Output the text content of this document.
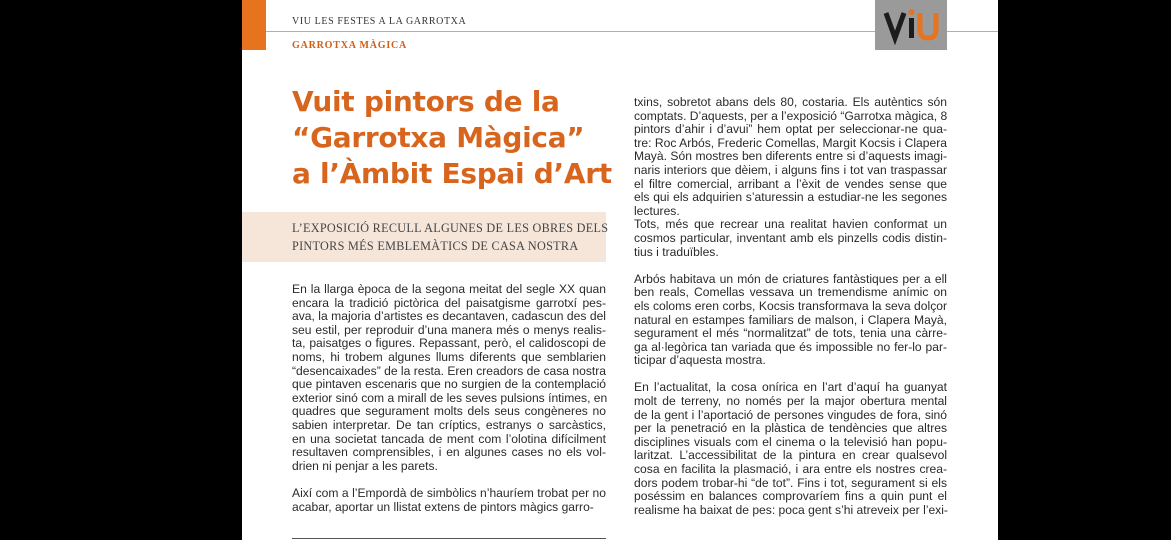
VIU LES FESTES A LA GARROTXA
GARROTXA MÀGICA
Vuit pintors de la
“Garrotxa Màgica”
a l’Àmbit Espai d’Art
L’EXPOSICIÓ RECULL ALGUNES DE LES OBRES DELS
PINTORS MÉS EMBLEMÀTICS DE CASA NOSTRA
En la llarga època de la segona meitat del segle XX quan
encara la tradició pictòrica del paisatgisme garrotxí pes-
ava, la majoria d’artistes es decantaven, cadascun des del
seu estil, per reproduir d’una manera més o menys realis-
ta, paisatges o figures. Repassant, però, el calidoscopi de
noms, hi trobem algunes llums diferents que semblarien
“desencaixades” de la resta. Eren creadors de casa nostra
que pintaven escenaris que no surgien de la contemplació
exterior sinó com a mirall de les seves pulsions íntimes, en
quadres que segurament molts dels seus congèneres no
sabien interpretar. De tan críptics, estranys o sarcàstics,
en una societat tancada de ment com l’olotina difícilment
resultaven comprensibles, i en algunes cases no els vol-
drien ni penjar a les parets.
Així com a l’Empordà de simbòlics n’hauríem trobat per no
acabar, aportar un llistat extens de pintors màgics garro-
txins, sobretot abans dels 80, costaria. Els autèntics són
comptats. D’aquests, per a l’exposició “Garrotxa màgica, 8
pintors d’ahir i d’avui” hem optat per seleccionar-ne qua-
tre: Roc Arbós, Frederic Comellas, Margit Kocsis i Clapera
Mayà. Són mostres ben diferents entre si d’aquests imagi-
naris interiors que dèiem, i alguns fins i tot van traspassar
el filtre comercial, arribant a l’èxit de vendes sense que
els qui els adquirien s’aturessin a estudiar-ne les segones
lectures.
Tots, més que recrear una realitat havien conformat un
cosmos particular, inventant amb els pinzells codis distin-
tius i traduïbles.
Arbós habitava un món de criatures fantàstiques per a ell
ben reals, Comellas vessava un tremendisme anímic on
els coloms eren corbs, Kocsis transformava la seva dolçor
natural en estampes familiars de malson, i Clapera Mayà,
segurament el més “normalitzat” de tots, tenia una càrre-
ga al·legòrica tan variada que és impossible no fer-lo par-
ticipar d’aquesta mostra.
En l’actualitat, la cosa onírica en l’art d’aquí ha guanyat
molt de terreny, no només per la major obertura mental
de la gent i l’aportació de persones vingudes de fora, sinó
per la penetració en la plàstica de tendències que altres
disciplines visuals com el cinema o la televisió han popu-
laritzat. L’accessibilitat de la pintura en crear qualsevol
cosa en facilita la plasmació, i ara entre els nostres crea-
dors podem trobar-hi “de tot”. Fins i tot, segurament si els
poséssim en balances comprovaríem fins a quin punt el
realisme ha baixat de pes: poca gent s’hi atreveix per l’exi-
